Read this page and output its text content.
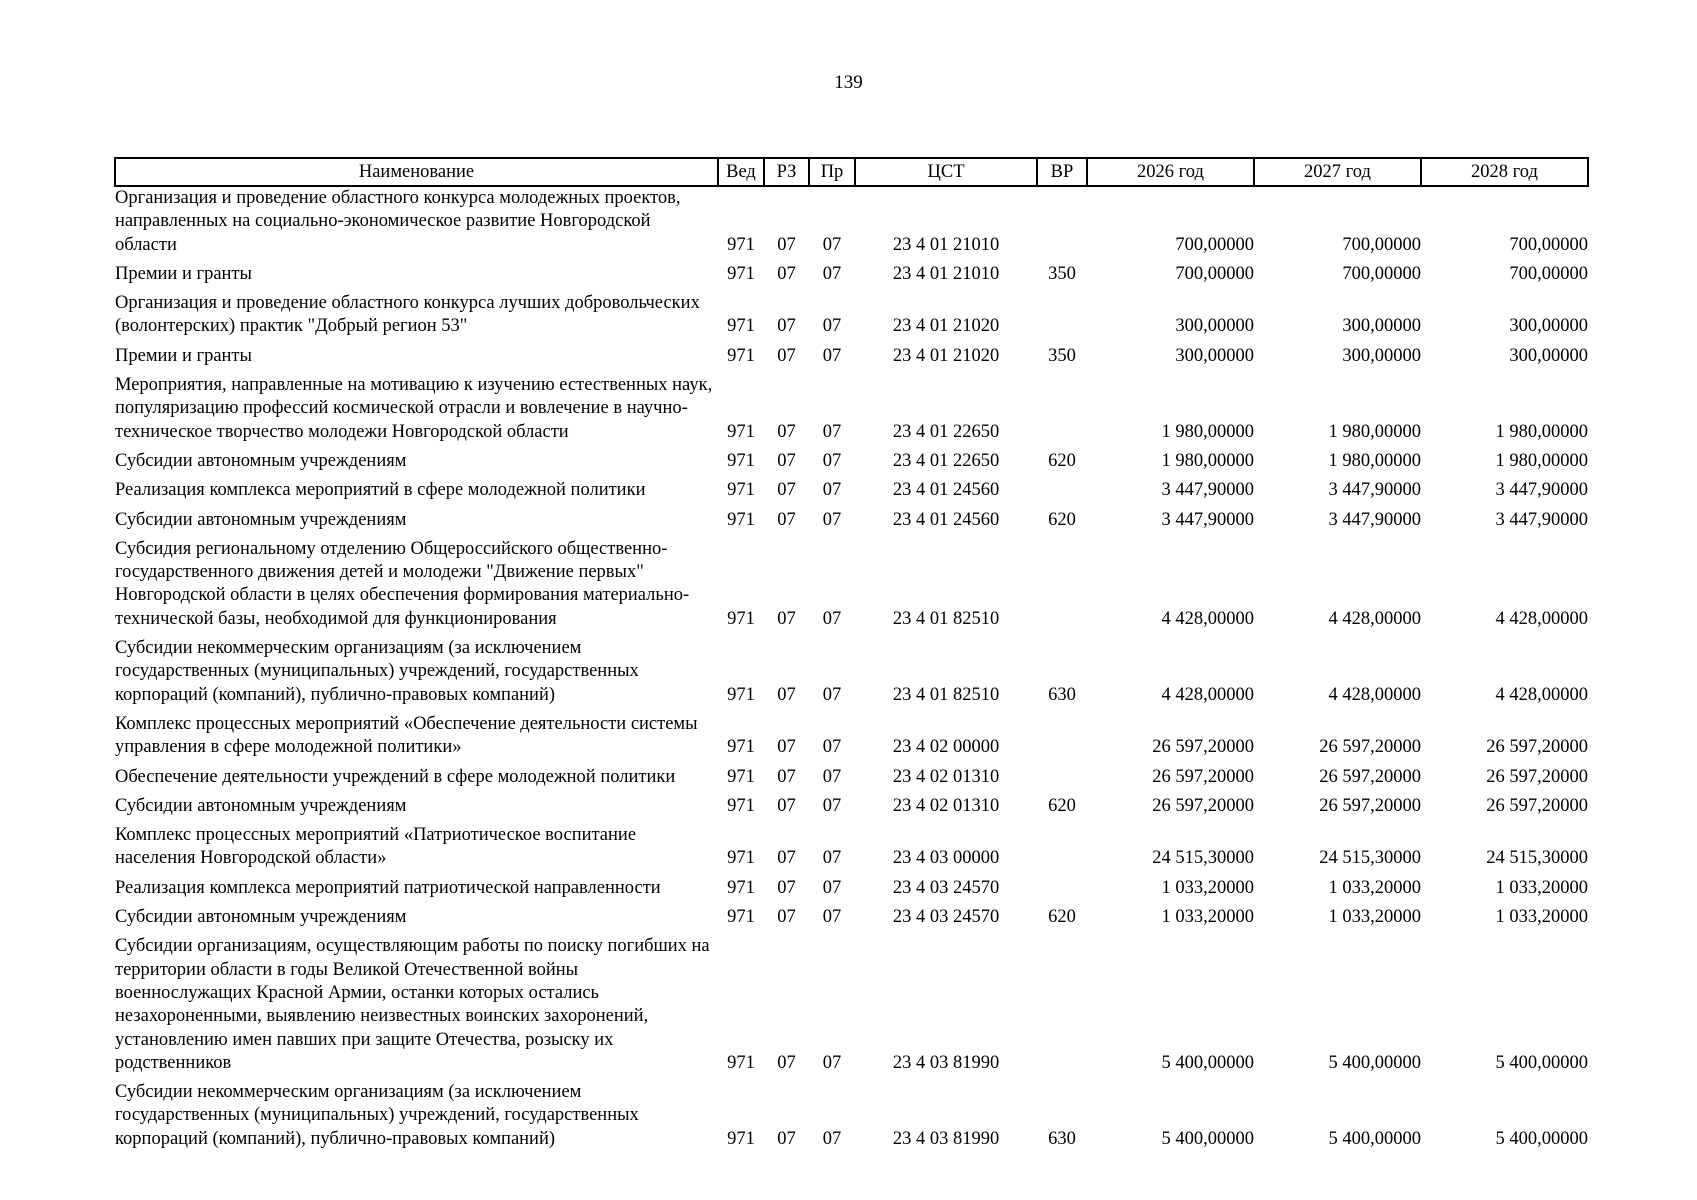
139
Наименование	Вед	РЗ	Пр	ЦСТ	ВР	2026 год	2027 год	2028 год
Организация и проведение областного конкурса молодежных проектов, направленных на социально-экономическое развитие Новгородской области	971	07	07	23 4 01 21010		700,00000	700,00000	700,00000
Премии и гранты	971	07	07	23 4 01 21010	350	700,00000	700,00000	700,00000
Организация и проведение областного конкурса лучших добровольческих (волонтерских) практик "Добрый регион 53"	971	07	07	23 4 01 21020		300,00000	300,00000	300,00000
Премии и гранты	971	07	07	23 4 01 21020	350	300,00000	300,00000	300,00000
Мероприятия, направленные на мотивацию к изучению естественных наук, популяризацию профессий космической отрасли и вовлечение в научно-техническое творчество молодежи Новгородской области	971	07	07	23 4 01 22650		1 980,00000	1 980,00000	1 980,00000
Субсидии автономным учреждениям	971	07	07	23 4 01 22650	620	1 980,00000	1 980,00000	1 980,00000
Реализация комплекса мероприятий в сфере молодежной политики	971	07	07	23 4 01 24560		3 447,90000	3 447,90000	3 447,90000
Субсидии автономным учреждениям	971	07	07	23 4 01 24560	620	3 447,90000	3 447,90000	3 447,90000
Субсидия региональному отделению Общероссийского общественно-государственного движения детей и молодежи "Движение первых" Новгородской области в целях обеспечения формирования материально-технической базы, необходимой для функционирования	971	07	07	23 4 01 82510		4 428,00000	4 428,00000	4 428,00000
Субсидии некоммерческим организациям (за исключением государственных (муниципальных) учреждений, государственных корпораций (компаний), публично-правовых компаний)	971	07	07	23 4 01 82510	630	4 428,00000	4 428,00000	4 428,00000
Комплекс процессных мероприятий «Обеспечение деятельности системы управления в сфере молодежной политики»	971	07	07	23 4 02 00000		26 597,20000	26 597,20000	26 597,20000
Обеспечение деятельности учреждений в сфере молодежной политики	971	07	07	23 4 02 01310		26 597,20000	26 597,20000	26 597,20000
Субсидии автономным учреждениям	971	07	07	23 4 02 01310	620	26 597,20000	26 597,20000	26 597,20000
Комплекс процессных мероприятий «Патриотическое воспитание населения Новгородской области»	971	07	07	23 4 03 00000		24 515,30000	24 515,30000	24 515,30000
Реализация комплекса мероприятий патриотической направленности	971	07	07	23 4 03 24570		1 033,20000	1 033,20000	1 033,20000
Субсидии автономным учреждениям	971	07	07	23 4 03 24570	620	1 033,20000	1 033,20000	1 033,20000
Субсидии организациям, осуществляющим работы по поиску погибших на территории области в годы Великой Отечественной войны военнослужащих Красной Армии, останки которых остались незахороненными, выявлению неизвестных воинских захоронений, установлению имен павших при защите Отечества, розыску их родственников	971	07	07	23 4 03 81990		5 400,00000	5 400,00000	5 400,00000
Субсидии некоммерческим организациям (за исключением государственных (муниципальных) учреждений, государственных корпораций (компаний), публично-правовых компаний)	971	07	07	23 4 03 81990	630	5 400,00000	5 400,00000	5 400,00000
